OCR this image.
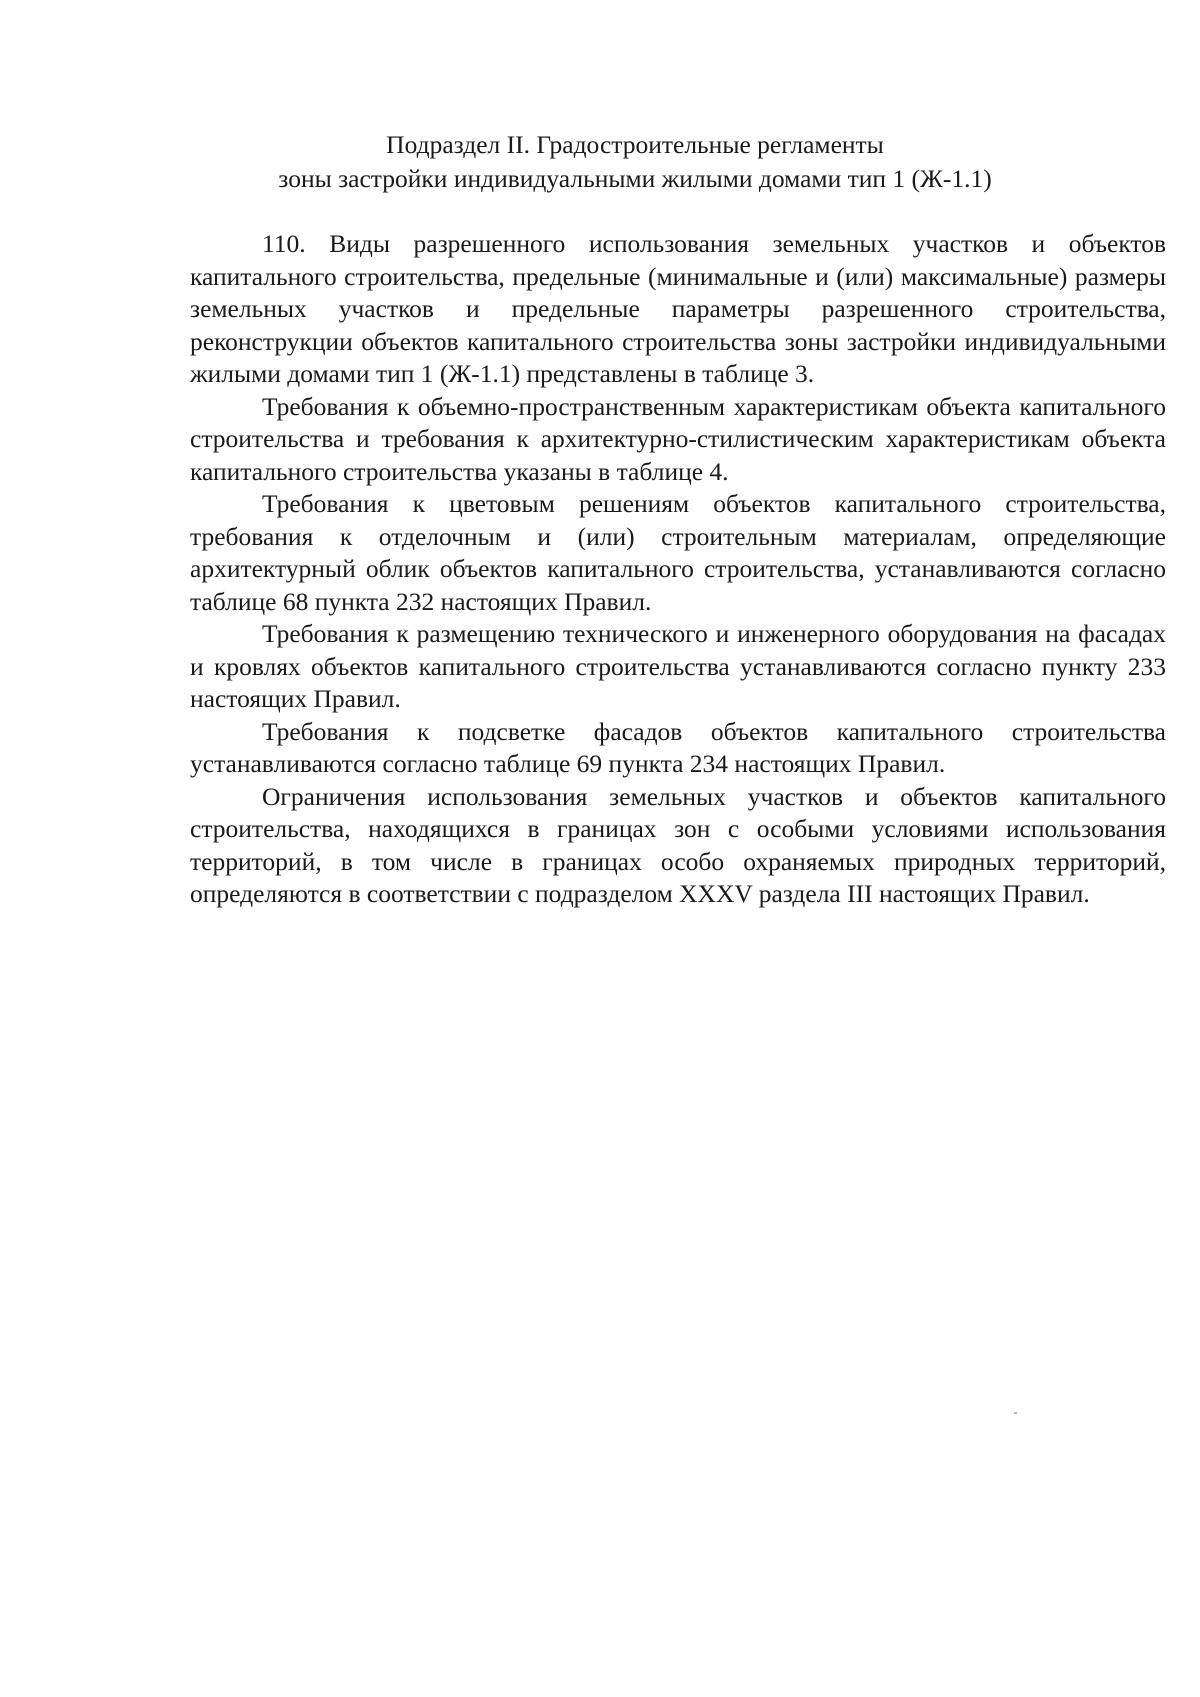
Подраздел II. Градостроительные регламенты
зоны застройки индивидуальными жилыми домами тип 1 (Ж-1.1)

110. Виды разрешенного использования земельных участков и объектов капитального строительства, предельные (минимальные и (или) максимальные) размеры земельных участков и предельные параметры разрешенного строительства, реконструкции объектов капитального строительства зоны застройки индивидуальными жилыми домами тип 1 (Ж-1.1) представлены в таблице 3.

Требования к объемно-пространственным характеристикам объекта капитального строительства и требования к архитектурно-стилистическим характеристикам объекта капитального строительства указаны в таблице 4.

Требования к цветовым решениям объектов капитального строительства, требования к отделочным и (или) строительным материалам, определяющие архитектурный облик объектов капитального строительства, устанавливаются согласно таблице 68 пункта 232 настоящих Правил.

Требования к размещению технического и инженерного оборудования на фасадах и кровлях объектов капитального строительства устанавливаются согласно пункту 233 настоящих Правил.

Требования к подсветке фасадов объектов капитального строительства устанавливаются согласно таблице 69 пункта 234 настоящих Правил.

Ограничения использования земельных участков и объектов капитального строительства, находящихся в границах зон с особыми условиями использования территорий, в том числе в границах особо охраняемых природных территорий, определяются в соответствии с подразделом XXXV раздела III настоящих Правил.
